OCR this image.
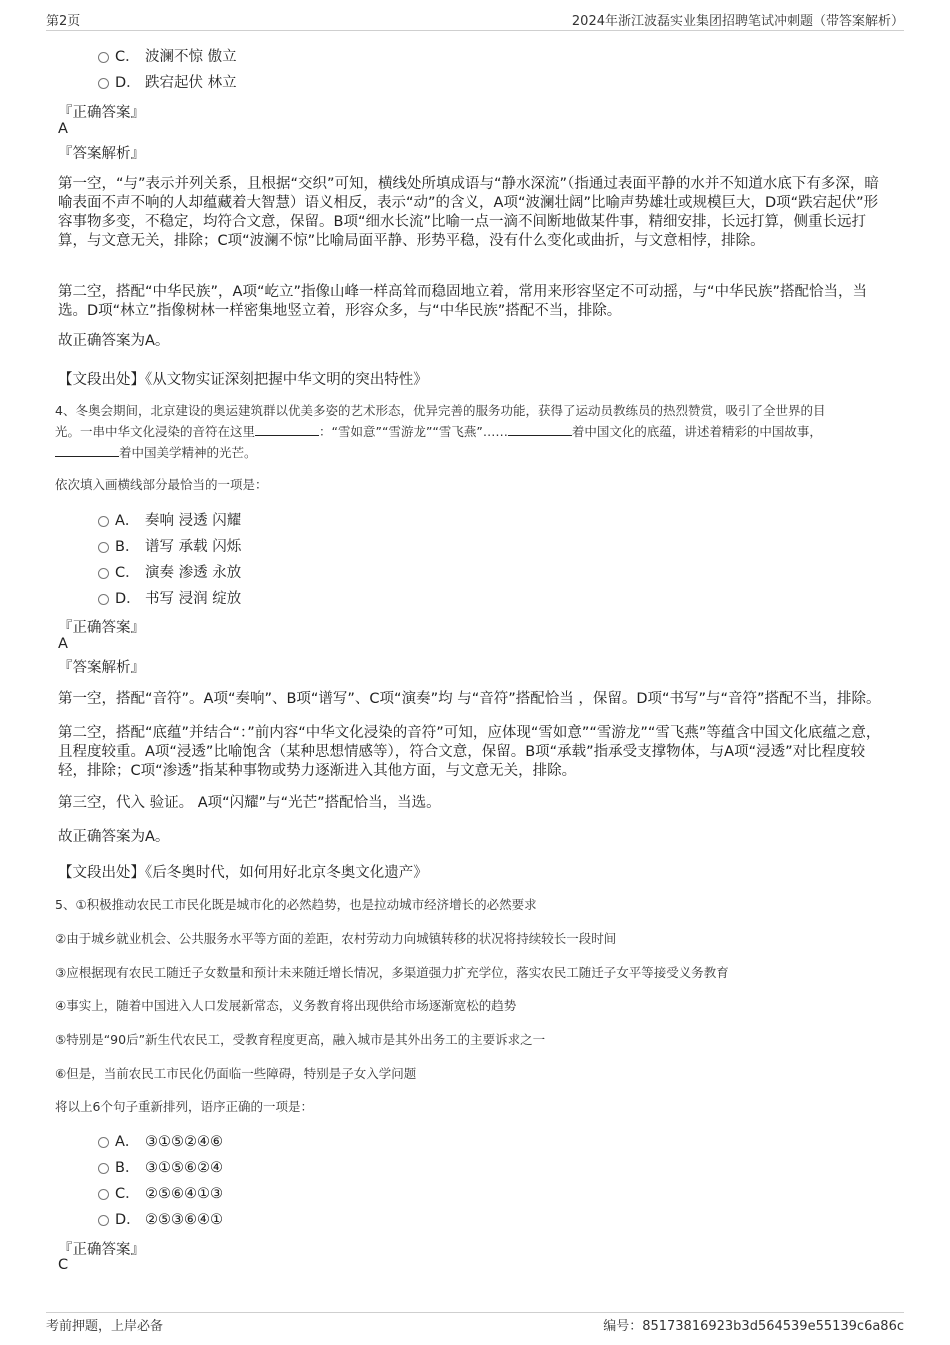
第2页	2024年浙江波磊实业集团招聘笔试冲刺题（带答案解析）
C． 波澜不惊 傲立
D． 跌宕起伏 林立
『正确答案』
A
『答案解析』
第一空，“与”表示并列关系，且根据“交织”可知，横线处所填成语与“静水深流”（指通过表面平静的水并不知道水底下有多深，暗喻表面不声不响的人却蕴藏着大智慧）语义相反，表示“动”的含义，A项“波澜壮阔”比喻声势雄壮或规模巨大，D项“跌宕起伏”形容事物多变，不稳定，均符合文意，保留。B项“细水长流”比喻一点一滴不间断地做某件事，精细安排，长远打算，侧重长远打算，与文意无关，排除；C项“波澜不惊”比喻局面平静、形势平稳，没有什么变化或曲折，与文意相悖，排除。
第二空，搭配“中华民族”，A项“屹立”指像山峰一样高耸而稳固地立着，常用来形容坚定不可动摇，与“中华民族”搭配恰当，当选。D项“林立”指像树林一样密集地竖立着，形容众多，与“中华民族”搭配不当，排除。
故正确答案为A。
【文段出处】《从文物实证深刻把握中华文明的突出特性》
4、冬奥会期间，北京建设的奥运建筑群以优美多姿的艺术形态，优异完善的服务功能，获得了运动员教练员的热烈赞赏，吸引了全世界的目
光。一串中华文化浸染的音符在这里	：“雪如意”“雪游龙”“雪飞燕”……	着中国文化的底蕴，讲述着精彩的中国故事，
着中国美学精神的光芒。
依次填入画横线部分最恰当的一项是：
A． 奏响 浸透 闪耀
B． 谱写 承载 闪烁
C． 演奏 渗透 永放
D． 书写 浸润 绽放
『正确答案』
A
『答案解析』
第一空，搭配“音符”。A项“奏响”、B项“谱写”、C项“演奏”均 与“音符”搭配恰当 ，保留。D项“书写”与“音符”搭配不当，排除。
第二空，搭配“底蕴”并结合“：”前内容“中华文化浸染的音符”可知，应体现“雪如意”“雪游龙”“雪飞燕”等蕴含中国文化底蕴之意，且程度较重。A项“浸透”比喻饱含（某种思想情感等），符合文意，保留。B项“承载”指承受支撑物体，与A项“浸透”对比程度较轻，排除；C项“渗透”指某种事物或势力逐渐进入其他方面，与文意无关，排除。
第三空，代入 验证。 A项“闪耀”与“光芒”搭配恰当，当选。
故正确答案为A。
【文段出处】《后冬奥时代，如何用好北京冬奥文化遗产》
5、①积极推动农民工市民化既是城市化的必然趋势，也是拉动城市经济增长的必然要求
②由于城乡就业机会、公共服务水平等方面的差距，农村劳动力向城镇转移的状况将持续较长一段时间
③应根据现有农民工随迁子女数量和预计未来随迁增长情况，多渠道强力扩充学位，落实农民工随迁子女平等接受义务教育
④事实上，随着中国进入人口发展新常态，义务教育将出现供给市场逐渐宽松的趋势
⑤特别是“90后”新生代农民工，受教育程度更高，融入城市是其外出务工的主要诉求之一
⑥但是，当前农民工市民化仍面临一些障碍，特别是子女入学问题
将以上6个句子重新排列，语序正确的一项是：
A． ③①⑤②④⑥
B． ③①⑤⑥②④
C． ②⑤⑥④①③
D． ②⑤③⑥④①
『正确答案』
C
考前押题，上岸必备	编号：85173816923b3d564539e55139c6a86c
